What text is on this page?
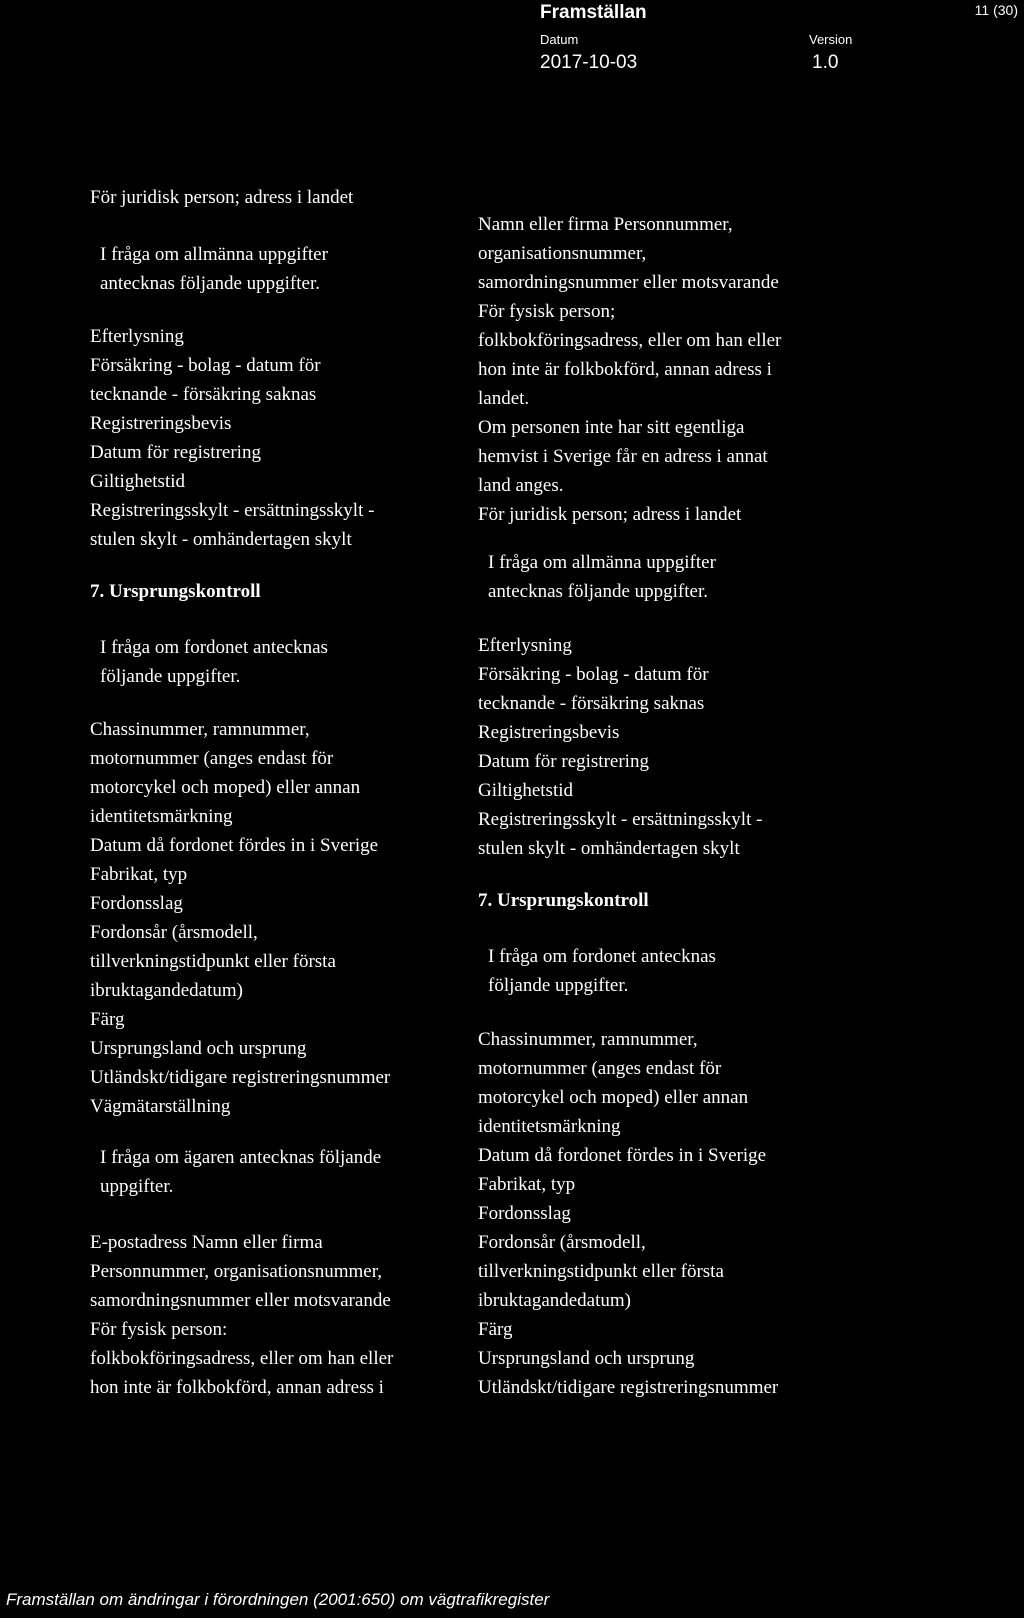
Framställan	11 (30)
Datum
2017-10-03
Version
1.0

För juridisk person; adress i landet

I fråga om allmänna uppgifter
antecknas följande uppgifter.

Efterlysning
Försäkring - bolag - datum för
tecknande - försäkring saknas
Registreringsbevis
Datum för registrering
Giltighetstid
Registreringsskylt - ersättningsskylt -
stulen skylt - omhändertagen skylt

7. Ursprungskontroll

I fråga om fordonet antecknas
följande uppgifter.

Chassinummer, ramnummer,
motornummer (anges endast för
motorcykel och moped) eller annan
identitetsmärkning
Datum då fordonet fördes in i Sverige
Fabrikat, typ
Fordonsslag
Fordonsår (årsmodell,
tillverkningstidpunkt eller första
ibruktagandedatum)
Färg
Ursprungsland och ursprung
Utländskt/tidigare registreringsnummer
Vägmätarställning

I fråga om ägaren antecknas följande
uppgifter.

E-postadress Namn eller firma
Personnummer, organisationsnummer,
samordningsnummer eller motsvarande
För fysisk person:
folkbokföringsadress, eller om han eller
hon inte är folkbokförd, annan adress i

Namn eller firma Personnummer,
organisationsnummer,
samordningsnummer eller motsvarande
För fysisk person;
folkbokföringsadress, eller om han eller
hon inte är folkbokförd, annan adress i
landet.
Om personen inte har sitt egentliga
hemvist i Sverige får en adress i annat
land anges.
För juridisk person; adress i landet

I fråga om allmänna uppgifter
antecknas följande uppgifter.

Efterlysning
Försäkring - bolag - datum för
tecknande - försäkring saknas
Registreringsbevis
Datum för registrering
Giltighetstid
Registreringsskylt - ersättningsskylt -
stulen skylt - omhändertagen skylt

7. Ursprungskontroll

I fråga om fordonet antecknas
följande uppgifter.

Chassinummer, ramnummer,
motornummer (anges endast för
motorcykel och moped) eller annan
identitetsmärkning
Datum då fordonet fördes in i Sverige
Fabrikat, typ
Fordonsslag
Fordonsår (årsmodell,
tillverkningstidpunkt eller första
ibruktagandedatum)
Färg
Ursprungsland och ursprung
Utländskt/tidigare registreringsnummer

Framställan om ändringar i förordningen (2001:650) om vägtrafikregister
